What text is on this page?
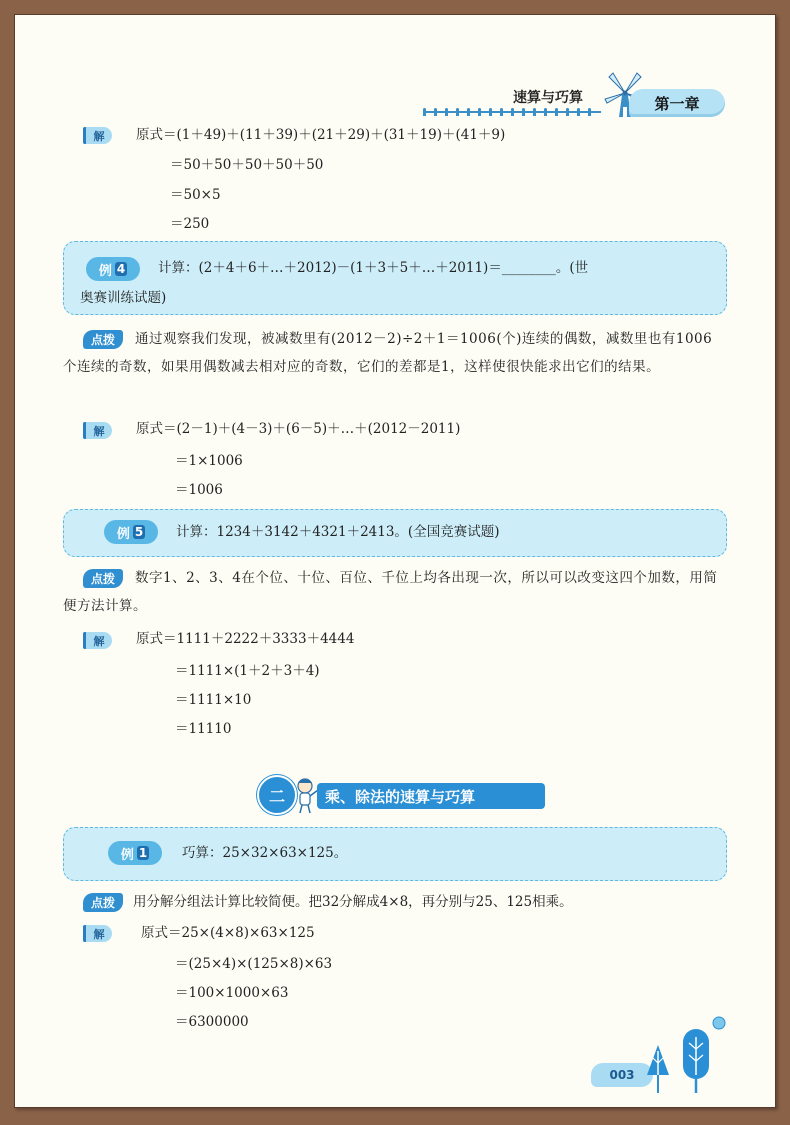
速算与巧算	第一章
解	原式＝(1＋49)＋(11＋39)＋(21＋29)＋(31＋19)＋(41＋9)
＝50＋50＋50＋50＋50
＝50×5
＝250
例 4 计算：(2＋4＋6＋…＋2012)－(1＋3＋5＋…＋2011)＝________。(世
奥赛训练试题)
点拨	通过观察我们发现，被减数里有(2012－2)÷2＋1＝1006(个)连续的偶数，减数里也有1006个连续的奇数，如果用偶数减去相对应的奇数，它们的差都是1，这样使很快能求出它们的结果。
解	原式＝(2－1)＋(4－3)＋(6－5)＋…＋(2012－2011)
＝1×1006
＝1006
例 5 计算：1234＋3142＋4321＋2413。(全国竞赛试题)
点拨	数字1、2、3、4在个位、十位、百位、千位上均各出现一次，所以可以改变这四个加数，用简便方法计算。
解	原式＝1111＋2222＋3333＋4444
＝1111×(1＋2＋3＋4)
＝1111×10
＝11110
二	乘、除法的速算与巧算
例 1	巧算：25×32×63×125。
点拨	用分解分组法计算比较简便。把32分解成4×8，再分别与25、125相乘。
解	原式＝25×(4×8)×63×125
＝(25×4)×(125×8)×63
＝100×1000×63
＝6300000
003
